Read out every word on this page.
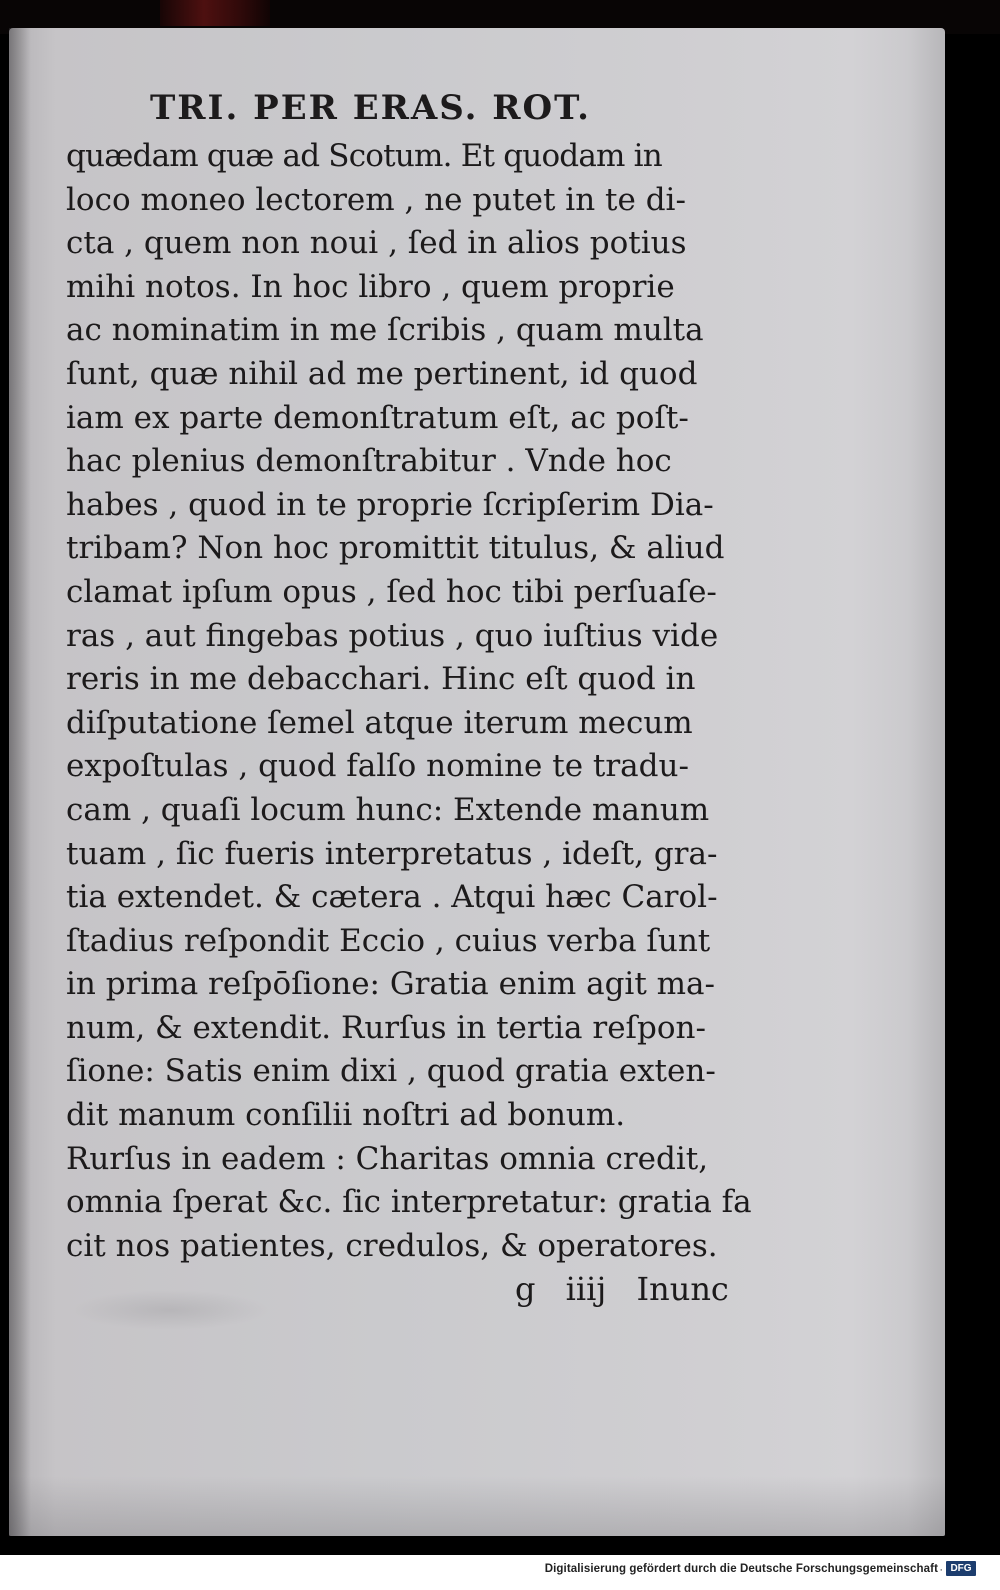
TRI. PER ERAS. ROT.
quædam quæ ad Scotum. Et quodam in
loco moneo lectorem , ne putet in te di‐
cta , quem non noui , ſed in alios potius
mihi notos. In hoc libro , quem proprie
ac nominatim in me ſcribis , quam multa
ſunt, quæ nihil ad me pertinent, id quod
iam ex parte demonſtratum eſt, ac poſt‐
hac plenius demonſtrabitur . Vnde hoc
habes , quod in te proprie ſcripſerim Dia‐
tribam? Non hoc promittit titulus, & aliud
clamat ipſum opus , ſed hoc tibi perſuaſe‐
ras , aut fingebas potius , quo iuſtius vide
reris in me debacchari. Hinc eſt quod in
diſputatione ſemel atque iterum mecum
expoſtulas , quod falſo nomine te tradu‐
cam , quaſi locum hunc: Extende manum
tuam , ſic fueris interpretatus , ideſt, gra‐
tia extendet. & cætera . Atqui hæc Carol‐
ſtadius reſpondit Eccio , cuius verba ſunt
in prima reſpōſione: Gratia enim agit ma‐
num, & extendit. Rurſus in tertia reſpon‐
ſione: Satis enim dixi , quod gratia exten‐
dit manum conſilii noſtri ad bonum.
Rurſus in eadem : Charitas omnia credit,
omnia ſperat &c. ſic interpretatur: gratia fa
cit nos patientes, credulos, & operatores.
g iiij Inunc
Digitalisierung gefördert durch die Deutsche Forschungsgemeinschaft · DFG
